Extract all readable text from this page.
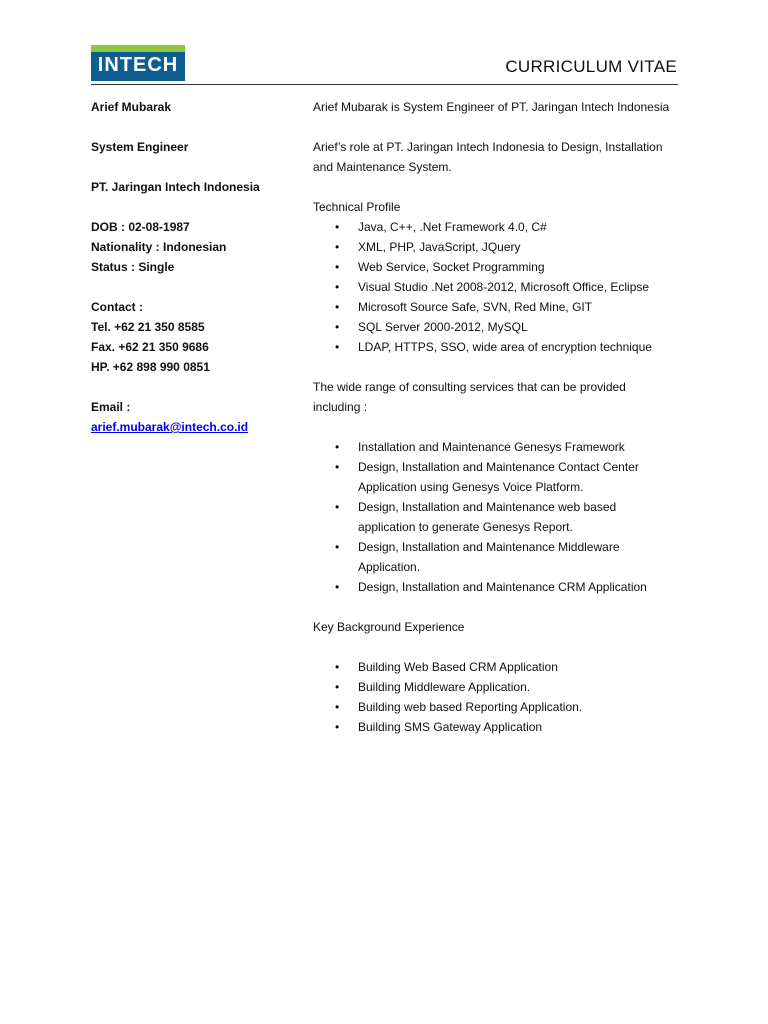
INTECH	CURRICULUM VITAE
Arief Mubarak
System Engineer
PT. Jaringan Intech Indonesia
DOB : 02-08-1987
Nationality : Indonesian
Status : Single
Contact :
Tel. +62 21 350 8585
Fax. +62 21 350 9686
HP. +62 898 990 0851
Email :
arief.mubarak@intech.co.id

Arief Mubarak is System Engineer of PT. Jaringan Intech Indonesia

Arief’s role at PT. Jaringan Intech Indonesia to Design, Installation and Maintenance System.

Technical Profile

• Java, C++, .Net Framework 4.0, C#
• XML, PHP, JavaScript, JQuery
• Web Service, Socket Programming
• Visual Studio .Net 2008-2012, Microsoft Office, Eclipse
• Microsoft Source Safe, SVN, Red Mine, GIT
• SQL Server 2000-2012, MySQL
• LDAP, HTTPS, SSO, wide area of encryption technique

The wide range of consulting services that can be provided including :

• Installation and Maintenance Genesys Framework
• Design, Installation and Maintenance Contact Center Application using Genesys Voice Platform.
• Design, Installation and Maintenance web based application to generate Genesys Report.
• Design, Installation and Maintenance Middleware Application.
• Design, Installation and Maintenance CRM Application

Key Background Experience

• Building Web Based CRM Application
• Building Middleware Application.
• Building web based Reporting Application.
• Building SMS Gateway Application
